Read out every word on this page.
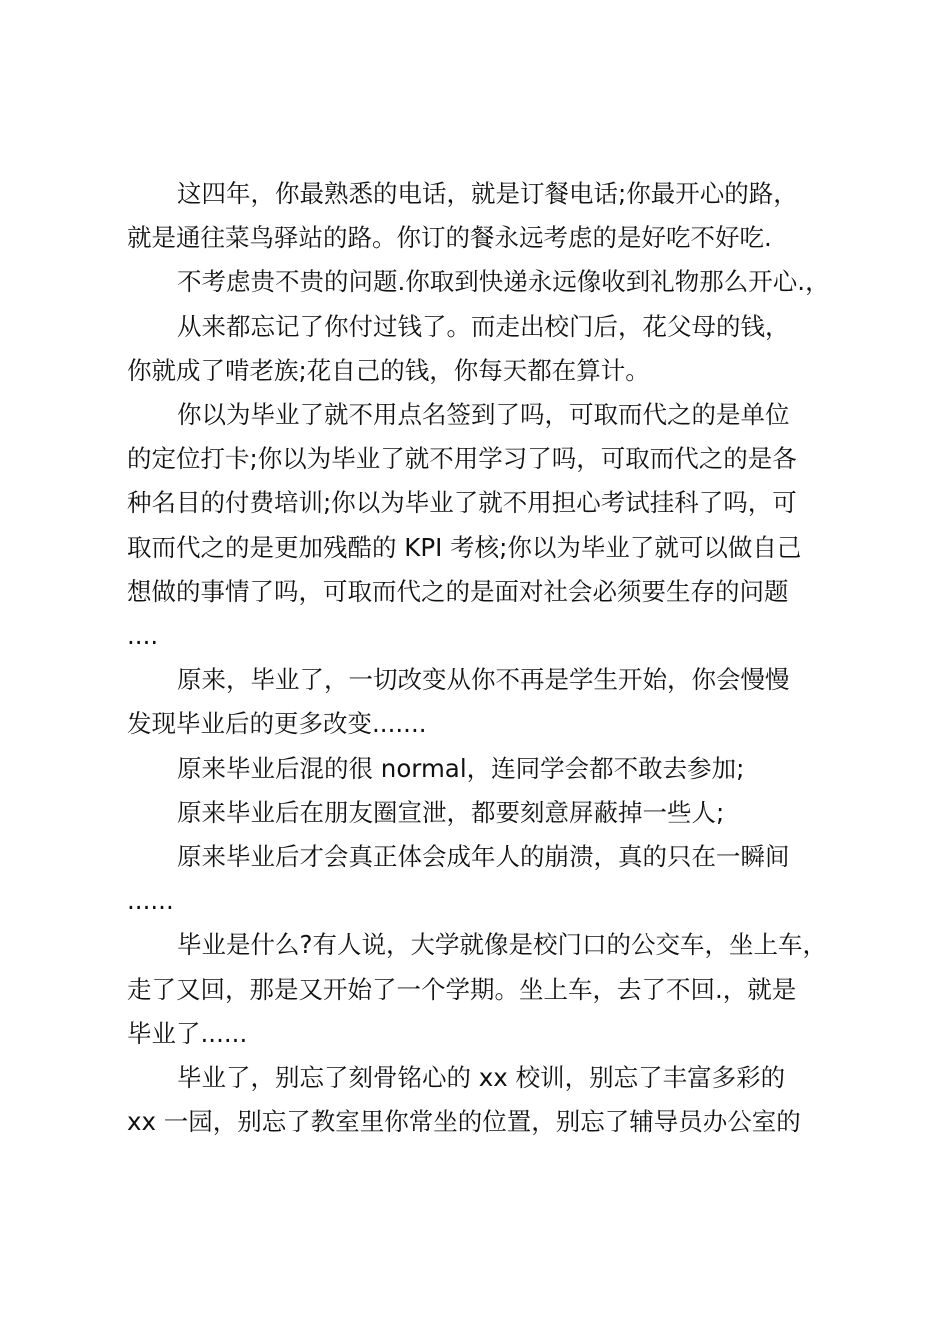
这四年，你最熟悉的电话，就是订餐电话;你最开心的路，
就是通往菜鸟驿站的路。你订的餐永远考虑的是好吃不好吃.
不考虑贵不贵的问题.你取到快递永远像收到礼物那么开心.，
从来都忘记了你付过钱了。而走出校门后，花父母的钱，
你就成了啃老族;花自己的钱，你每天都在算计。
你以为毕业了就不用点名签到了吗，可取而代之的是单位
的定位打卡;你以为毕业了就不用学习了吗，可取而代之的是各
种名目的付费培训;你以为毕业了就不用担心考试挂科了吗，可
取而代之的是更加残酷的 KPI 考核;你以为毕业了就可以做自己
想做的事情了吗，可取而代之的是面对社会必须要生存的问题
....
原来，毕业了，一切改变从你不再是学生开始，你会慢慢
发现毕业后的更多改变.......
原来毕业后混的很 normal，连同学会都不敢去参加;
原来毕业后在朋友圈宣泄，都要刻意屏蔽掉一些人;
原来毕业后才会真正体会成年人的崩溃，真的只在一瞬间
......
毕业是什么?有人说，大学就像是校门口的公交车，坐上车，
走了又回，那是又开始了一个学期。坐上车，去了不回.，就是
毕业了......
毕业了，别忘了刻骨铭心的 xx 校训，别忘了丰富多彩的
xx 一园，别忘了教室里你常坐的位置，别忘了辅导员办公室的
